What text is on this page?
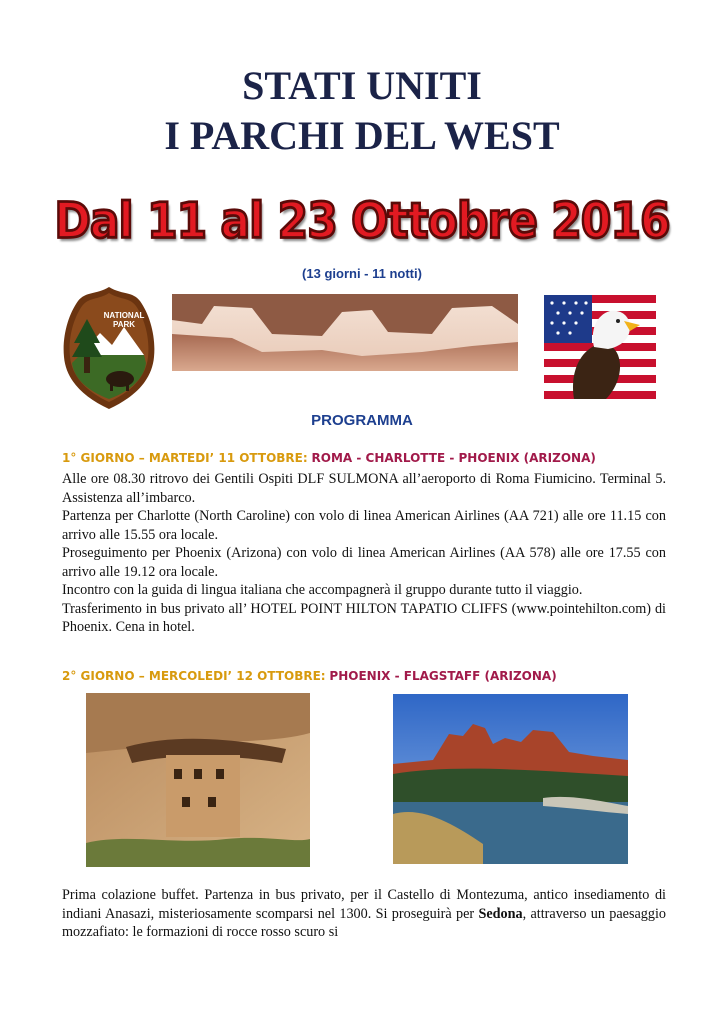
STATI UNITI
I PARCHI DEL WEST
Dal 11 al 23 Ottobre 2016
(13 giorni - 11 notti)
NATIONAL
PARK
PROGRAMMA
1° GIORNO – MARTEDI’ 11 OTTOBRE: ROMA - CHARLOTTE - PHOENIX (ARIZONA)

Alle ore 08.30 ritrovo dei Gentili Ospiti DLF SULMONA all’aeroporto di Roma Fiumicino. Terminal 5. Assistenza all’imbarco.

Partenza per Charlotte (North Caroline) con volo di linea American Airlines (AA 721) alle ore 11.15 con arrivo alle 15.55 ora locale.

Proseguimento per Phoenix (Arizona) con volo di linea American Airlines (AA 578) alle ore 17.55 con arrivo alle 19.12 ora locale.

Incontro con la guida di lingua italiana che accompagnerà il gruppo durante tutto il viaggio.

Trasferimento in bus privato all’ HOTEL POINT HILTON TAPATIO CLIFFS (www.pointehilton.com) di Phoenix. Cena in hotel.

2° GIORNO – MERCOLEDI’ 12 OTTOBRE: PHOENIX - FLAGSTAFF (ARIZONA)

Prima colazione buffet. Partenza in bus privato, per il Castello di Montezuma, antico insediamento di indiani Anasazi, misteriosamente scomparsi nel 1300. Si proseguirà per Sedona, attraverso un paesaggio mozzafiato: le formazioni di rocce rosso scuro si
